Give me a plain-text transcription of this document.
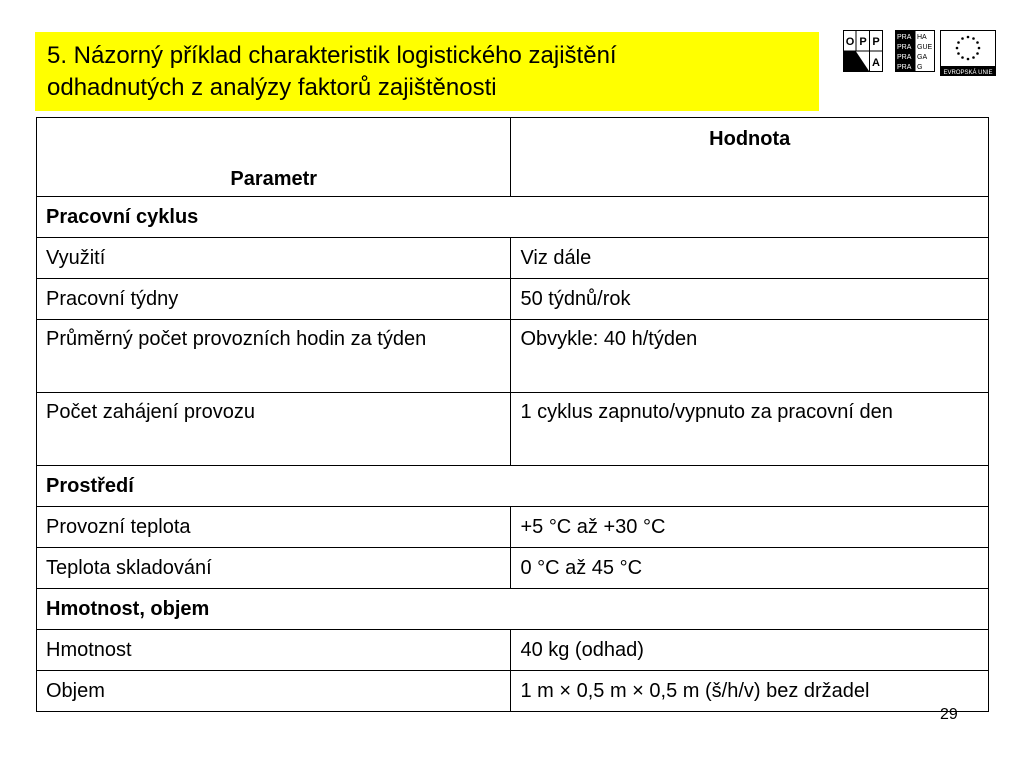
5. Názorný příklad charakteristik logistického zajištění
odhadnutých z analýzy faktorů zajištěnosti
O P P
A
PRA
PRA
PRA
PRA
HA
GUE
GA
G
EVROPSKÁ UNIE
Parametr	Hodnota
Pracovní cyklus	
Využití	Viz dále
Pracovní týdny	50 týdnů/rok
Průměrný počet provozních hodin za týden	Obvykle: 40 h/týden
Počet zahájení provozu	1 cyklus zapnuto/vypnuto za pracovní den
Prostředí	
Provozní teplota	+5 °C až +30 °C
Teplota skladování	0 °C až 45 °C
Hmotnost, objem	
Hmotnost	40 kg (odhad)
Objem	1 m × 0,5 m × 0,5 m (š/h/v) bez držadel
29
